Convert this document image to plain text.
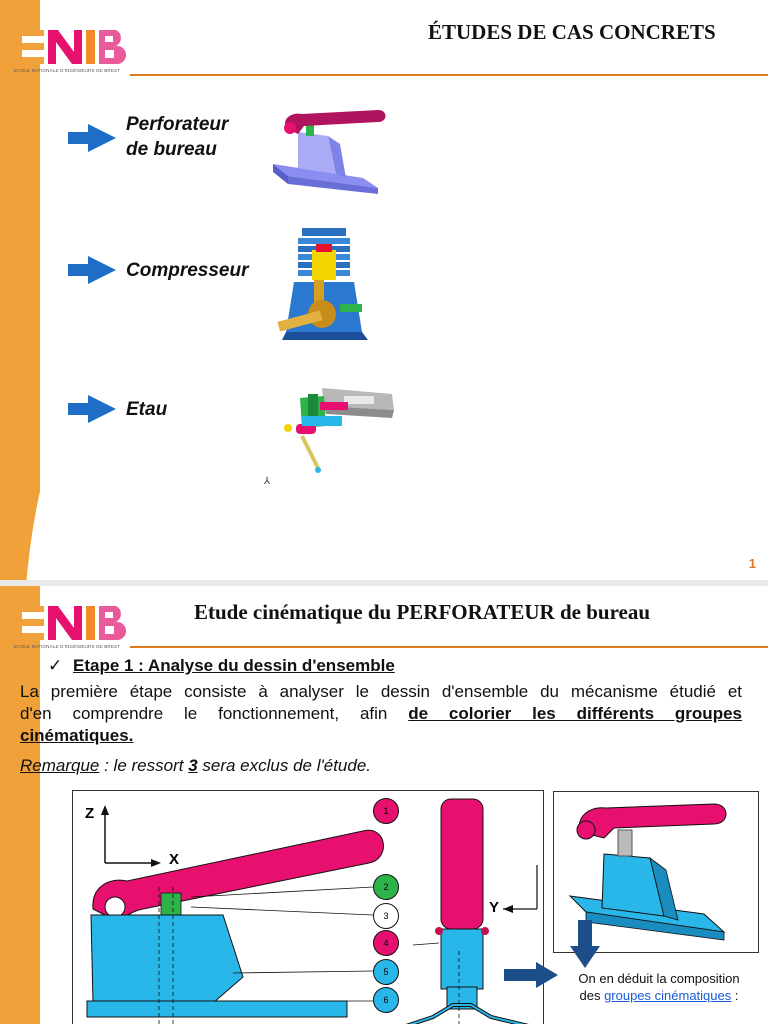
ECOLE NATIONALE D'INGÉNIEURS DE BREST
ÉTUDES DE CAS CONCRETS
Perforateur
de bureau
Compresseur
Etau
⅄
1
ECOLE NATIONALE D'INGÉNIEURS DE BREST
Etude cinématique du PERFORATEUR de bureau
✓ Etape 1 : Analyse du dessin d'ensemble
La première étape consiste à analyser le dessin d'ensemble du mécanisme étudié et
d'en comprendre le fonctionnement, afin de colorier les différents groupes
cinématiques.
Remarque : le ressort 3 sera exclus de l'étude.
Z
X
Y
1
2
3
4
5
6
On en déduit la composition
des groupes cinématiques :
